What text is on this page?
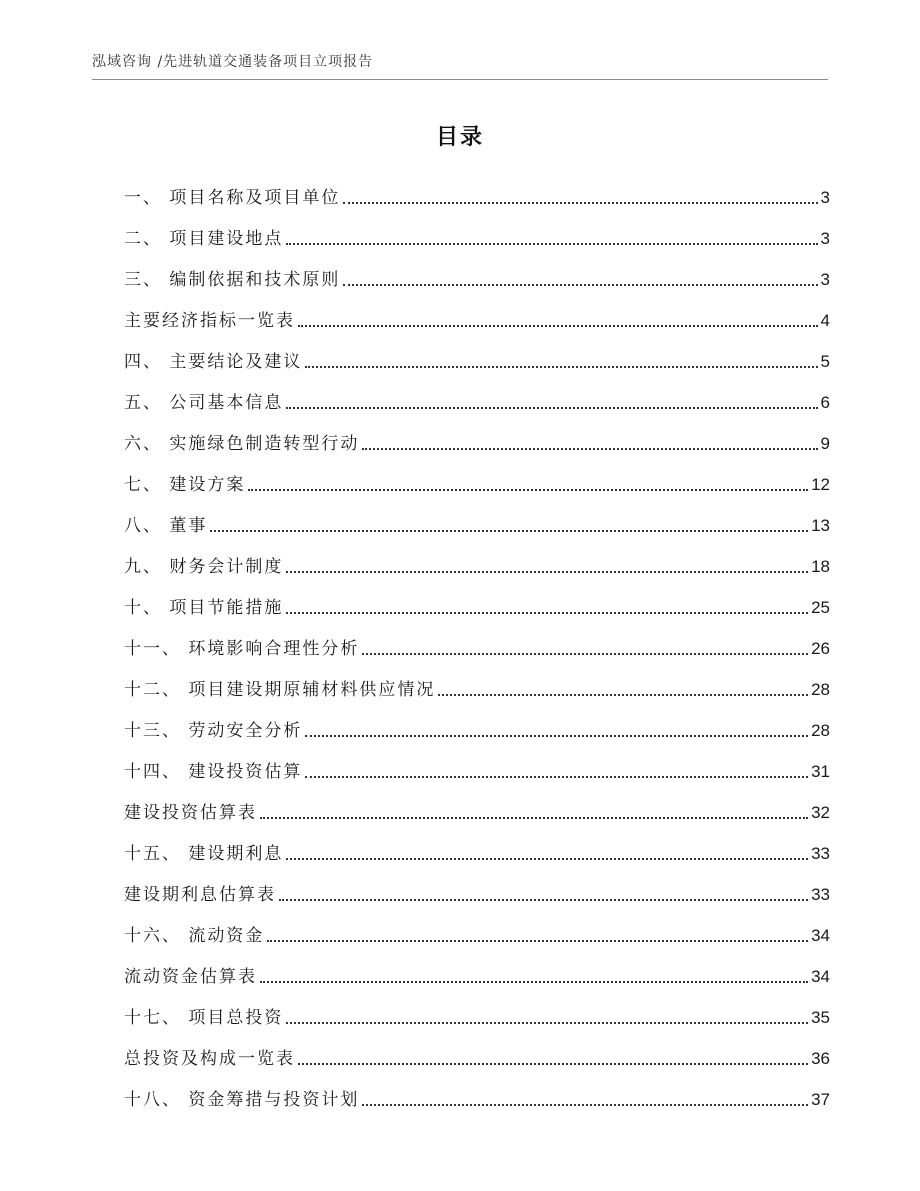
泓域咨询 /先进轨道交通装备项目立项报告
目录
一、 项目名称及项目单位	3
二、 项目建设地点	3
三、 编制依据和技术原则	3
主要经济指标一览表	4
四、 主要结论及建议	5
五、 公司基本信息	6
六、 实施绿色制造转型行动	9
七、 建设方案	12
八、 董事	13
九、 财务会计制度	18
十、 项目节能措施	25
十一、 环境影响合理性分析	26
十二、 项目建设期原辅材料供应情况	28
十三、 劳动安全分析	28
十四、 建设投资估算	31
建设投资估算表	32
十五、 建设期利息	33
建设期利息估算表	33
十六、 流动资金	34
流动资金估算表	34
十七、 项目总投资	35
总投资及构成一览表	36
十八、 资金筹措与投资计划	37
